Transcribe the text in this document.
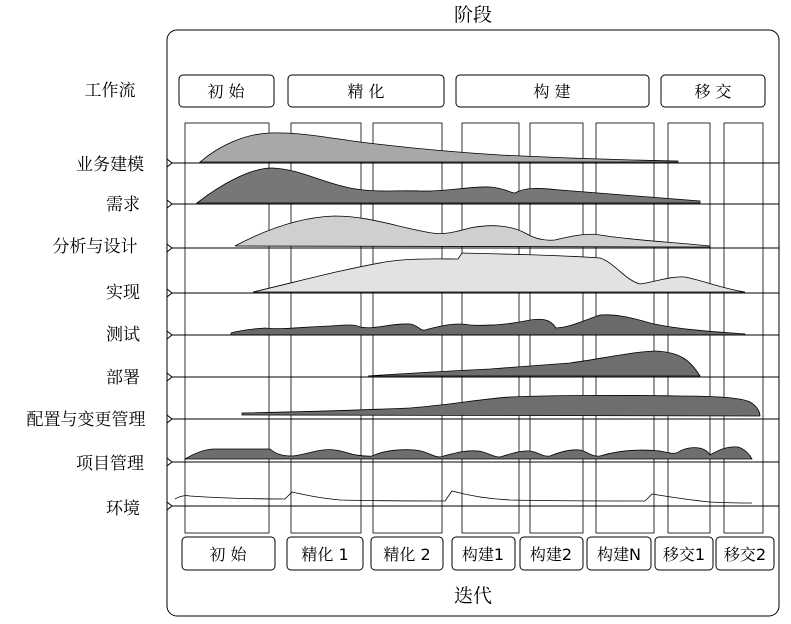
阶段
迭代
工作流	初 始	精 化	构 建	移 交
业务建模
需求
分析与设计
实现
测试
部署
配置与变更管理
项目管理
环境
初 始	精化 1 精化 2 构建1 构建2 构建N 移交1 移交2
